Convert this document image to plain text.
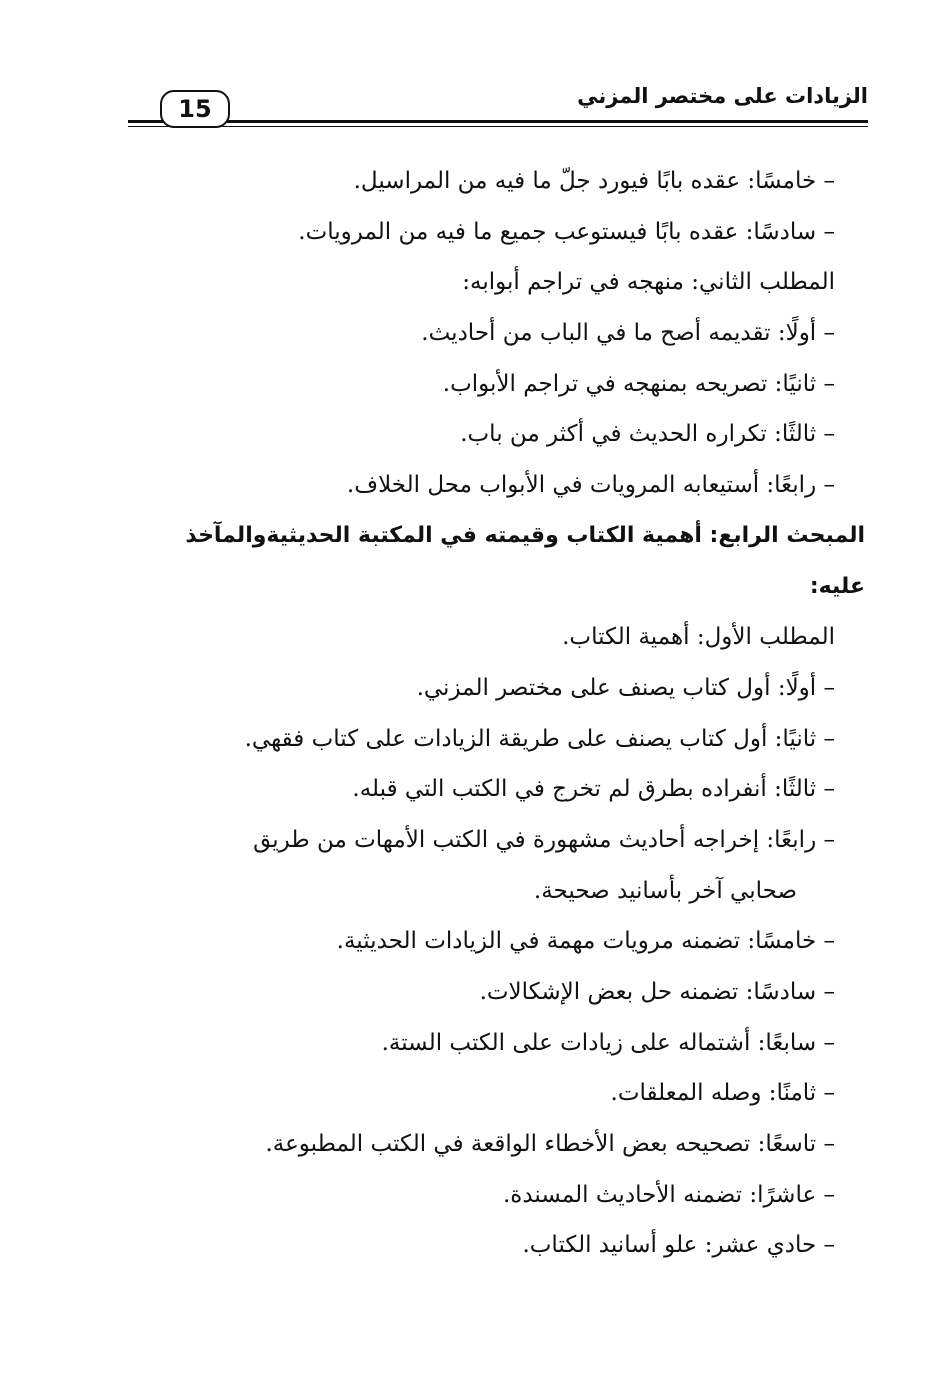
15	الزيادات على مختصر المزني
– خامسًا: عقده بابًا فيورد جلّ ما فيه من المراسيل.
– سادسًا: عقده بابًا فيستوعب جميع ما فيه من المرويات.
المطلب الثاني: منهجه في تراجم أبوابه:
– أولًا: تقديمه أصح ما في الباب من أحاديث.
– ثانيًا: تصريحه بمنهجه في تراجم الأبواب.
– ثالثًا: تكراره الحديث في أكثر من باب.
– رابعًا: أستيعابه المرويات في الأبواب محل الخلاف.
المبحث الرابع: أهمية الكتاب وقيمته في المكتبة الحديثيةوالمآخذ
عليه:
المطلب الأول: أهمية الكتاب.
– أولًا: أول كتاب يصنف على مختصر المزني.
– ثانيًا: أول كتاب يصنف على طريقة الزيادات على كتاب فقهي.
– ثالثًا: أنفراده بطرق لم تخرج في الكتب التي قبله.
– رابعًا: إخراجه أحاديث مشهورة في الكتب الأمهات من طريق
صحابي آخر بأسانيد صحيحة.
– خامسًا: تضمنه مرويات مهمة في الزيادات الحديثية.
– سادسًا: تضمنه حل بعض الإشكالات.
– سابعًا: أشتماله على زيادات على الكتب الستة.
– ثامنًا: وصله المعلقات.
– تاسعًا: تصحيحه بعض الأخطاء الواقعة في الكتب المطبوعة.
– عاشرًا: تضمنه الأحاديث المسندة.
– حادي عشر: علو أسانيد الكتاب.
